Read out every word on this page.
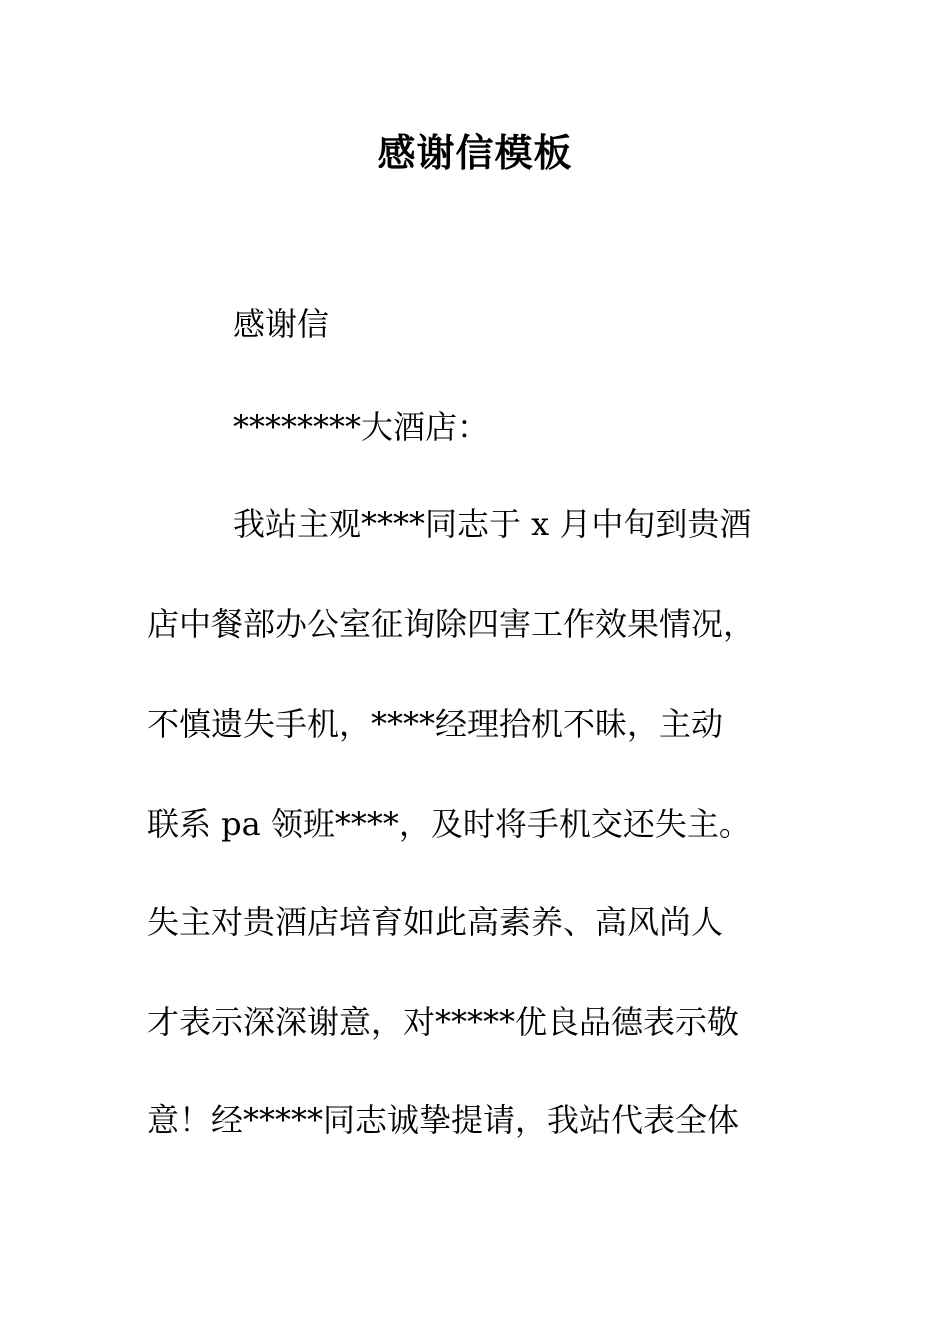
感谢信模板
感谢信
********大酒店：
我站主观****同志于 x 月中旬到贵酒
店中餐部办公室征询除四害工作效果情况，
不慎遗失手机，****经理拾机不昧，主动
联系 pa 领班****，及时将手机交还失主。
失主对贵酒店培育如此高素养、高风尚人
才表示深深谢意，对*****优良品德表示敬
意！经*****同志诚挚提请，我站代表全体
